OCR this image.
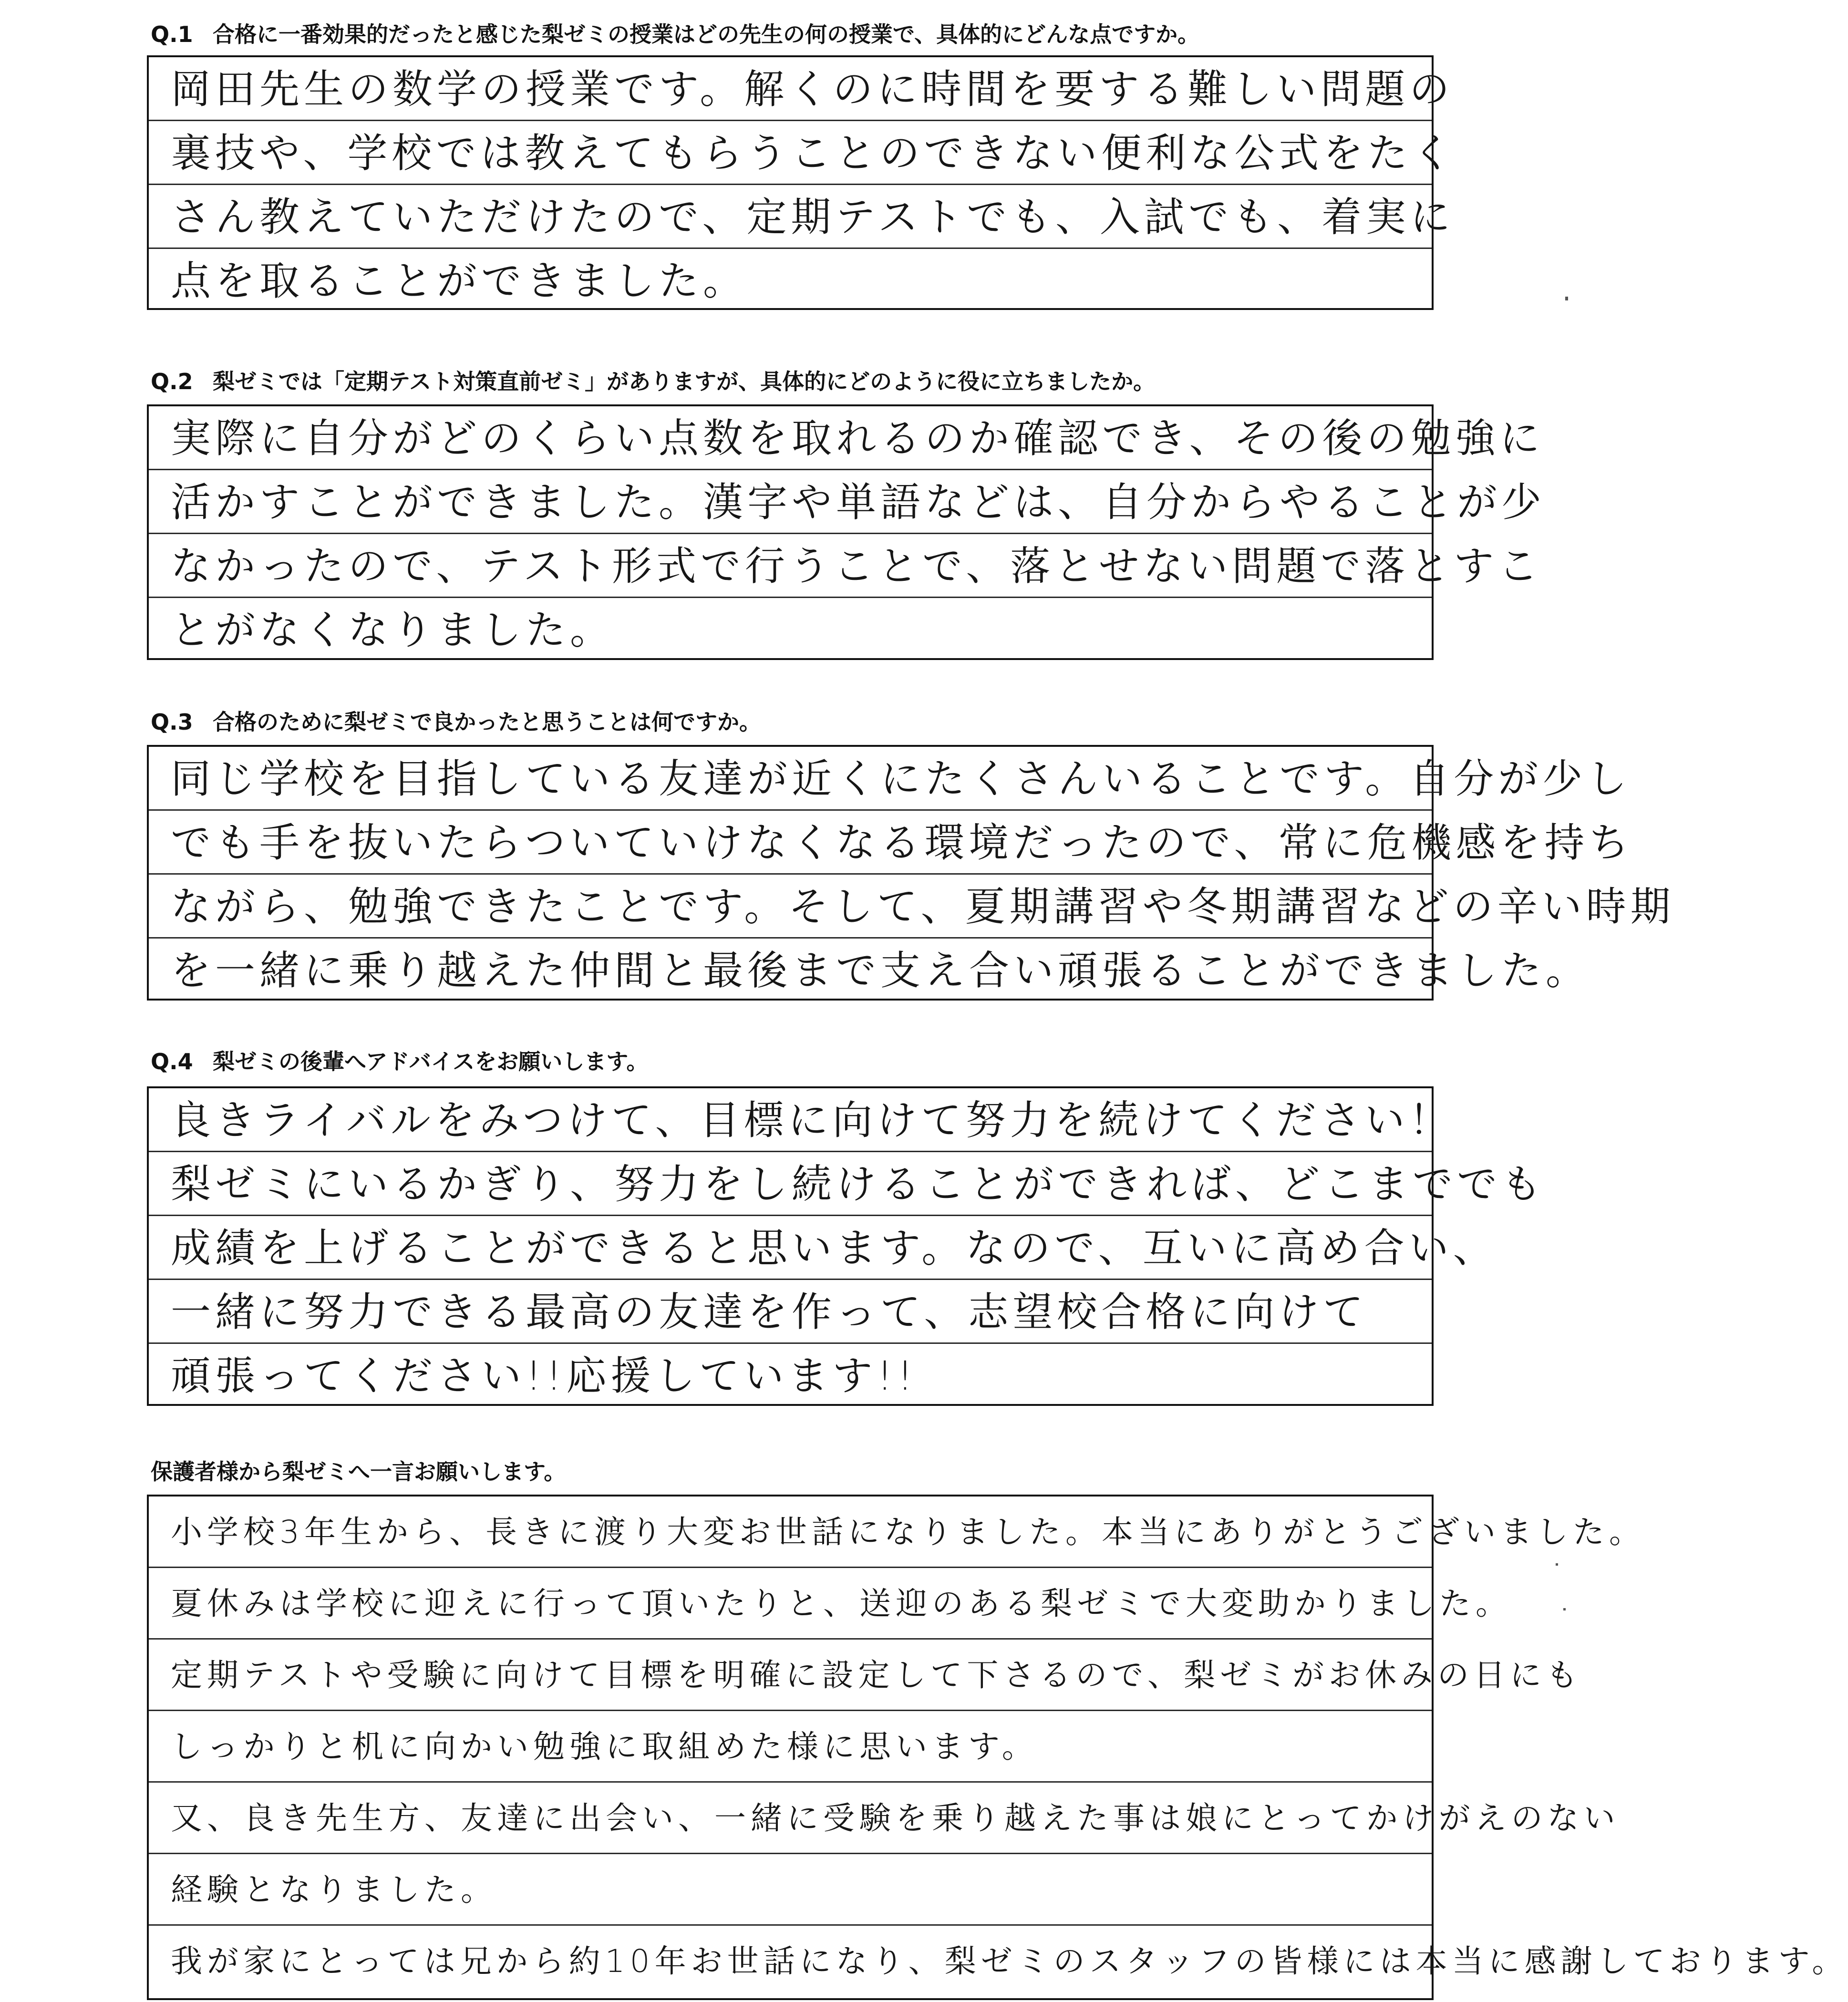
Q.1 合格に一番効果的だったと感じた梨ゼミの授業はどの先生の何の授業で、具体的にどんな点ですか。
岡田先生の数学の授業です。解くのに時間を要する難しい問題の
裏技や、学校では教えてもらうことのできない便利な公式をたく
さん教えていただけたので、定期テストでも、入試でも、着実に
点を取ることができました。
Q.2 梨ゼミでは「定期テスト対策直前ゼミ」がありますが、具体的にどのように役に立ちましたか。
実際に自分がどのくらい点数を取れるのか確認でき、その後の勉強に
活かすことができました。漢字や単語などは、自分からやることが少
なかったので、テスト形式で行うことで、落とせない問題で落とすこ
とがなくなりました。
Q.3 合格のために梨ゼミで良かったと思うことは何ですか。
同じ学校を目指している友達が近くにたくさんいることです。自分が少し
でも手を抜いたらついていけなくなる環境だったので、常に危機感を持ち
ながら、勉強できたことです。そして、夏期講習や冬期講習などの辛い時期
を一緒に乗り越えた仲間と最後まで支え合い頑張ることができました。
Q.4 梨ゼミの後輩へアドバイスをお願いします。
良きライバルをみつけて、目標に向けて努力を続けてください！
梨ゼミにいるかぎり、努力をし続けることができれば、どこまででも
成績を上げることができると思います。なので、互いに高め合い、
一緒に努力できる最高の友達を作って、志望校合格に向けて
頑張ってください!!応援しています!!
保護者様から梨ゼミへ一言お願いします。
小学校3年生から、長きに渡り大変お世話になりました。本当にありがとうございました。
夏休みは学校に迎えに行って頂いたりと、送迎のある梨ゼミで大変助かりました。
定期テストや受験に向けて目標を明確に設定して下さるので、梨ゼミがお休みの日にも
しっかりと机に向かい勉強に取組めた様に思います。
又、良き先生方、友達に出会い、一緒に受験を乗り越えた事は娘にとってかけがえのない
経験となりました。
我が家にとっては兄から約10年お世話になり、梨ゼミのスタッフの皆様には本当に感謝しております。
